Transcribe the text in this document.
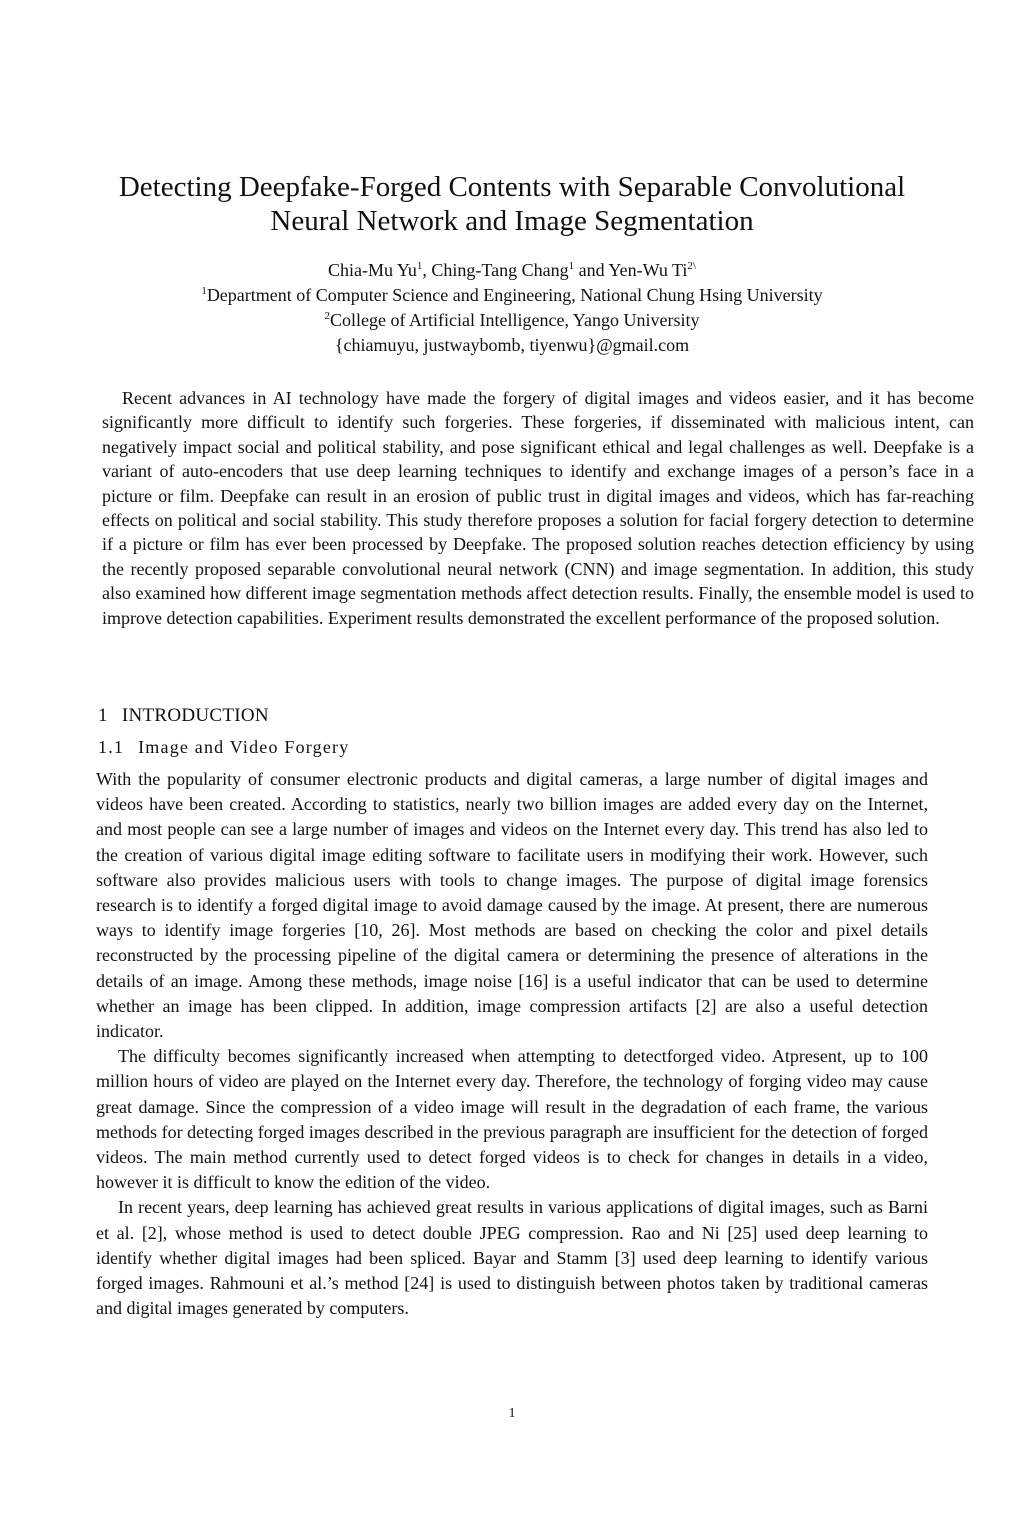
Detecting Deepfake-Forged Contents with Separable Convolutional
Neural Network and Image Segmentation
Chia-Mu Yu$^1$, Ching-Tang Chang$^1$ and Yen-Wu $Ti^{2\backslash}$
$^1$Department of Computer Science and Engineering, National Chung Hsing University
$^2$College of Artificial Intelligence, Yango University
{chiamuyu, justwaybomb, tiyenwu}@gmail.com

Recent advances in AI technology have made the forgery of digital images and videos easier, and it has become significantly more difficult to identify such forgeries. These forgeries, if disseminated with malicious intent, can negatively impact social and political stability, and pose significant ethical and legal challenges as well. Deepfake is a variant of auto-encoders that use deep learning techniques to identify and exchange images of a person’s face in a picture or film. Deepfake can result in an erosion of public trust in digital images and videos, which has far-reaching effects on political and social stability. This study therefore proposes a solution for facial forgery detection to determine if a picture or film has ever been processed by Deepfake. The proposed solution reaches detection efficiency by using the recently proposed separable convolutional neural network (CNN) and image segmentation. In addition, this study also examined how different image segmentation methods affect detection results. Finally, the ensemble model is used to improve detection capabilities. Experiment results demonstrated the excellent performance of the proposed solution.

1 INTRODUCTION
1.1 Image and Video Forgery

With the popularity of consumer electronic products and digital cameras, a large number of digital images and videos have been created. According to statistics, nearly two billion images are added every day on the Internet, and most people can see a large number of images and videos on the Internet every day. This trend has also led to the creation of various digital image editing software to facilitate users in modifying their work. However, such software also provides malicious users with tools to change images. The purpose of digital image forensics research is to identify a forged digital image to avoid damage caused by the image. At present, there are numerous ways to identify image forgeries [10, 26]. Most methods are based on checking the color and pixel details reconstructed by the processing pipeline of the digital camera or determining the presence of alterations in the details of an image. Among these methods, image noise [16] is a useful indicator that can be used to determine whether an image has been clipped. In addition, image compression artifacts [2] are also a useful detection indicator.

The difficulty becomes significantly increased when attempting to detectforged video. Atpresent, up to 100 million hours of video are played on the Internet every day. Therefore, the technology of forging video may cause great damage. Since the compression of a video image will result in the degradation of each frame, the various methods for detecting forged images described in the previous paragraph are insufficient for the detection of forged videos. The main method currently used to detect forged videos is to check for changes in details in a video, however it is difficult to know the edition of the video.

In recent years, deep learning has achieved great results in various applications of digital images, such as Barni et al. [2], whose method is used to detect double JPEG compression. Rao and Ni [25] used deep learning to identify whether digital images had been spliced. Bayar and Stamm [3] used deep learning to identify various forged images. Rahmouni et al.’s method [24] is used to distinguish between photos taken by traditional cameras and digital images generated by computers.

1
